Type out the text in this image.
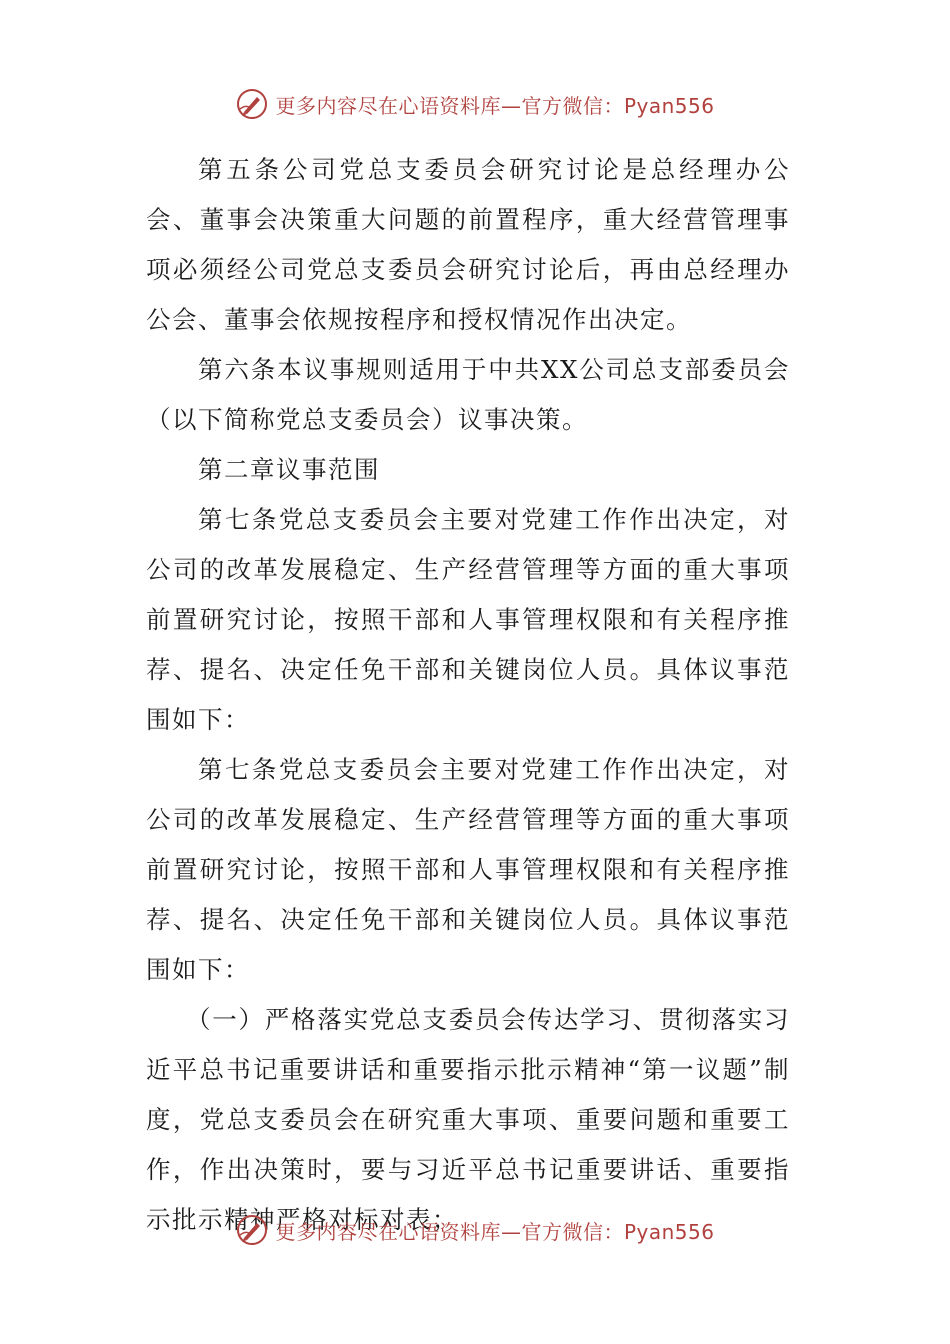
更多内容尽在心语资料库—官方微信：Pyan556

第五条公司党总支委员会研究讨论是总经理办公会、董事会决策重大问题的前置程序，重大经营管理事项必须经公司党总支委员会研究讨论后，再由总经理办公会、董事会依规按程序和授权情况作出决定。

第六条本议事规则适用于中共XX公司总支部委员会（以下简称党总支委员会）议事决策。

第二章议事范围

第七条党总支委员会主要对党建工作作出决定，对公司的改革发展稳定、生产经营管理等方面的重大事项前置研究讨论，按照干部和人事管理权限和有关程序推荐、提名、决定任免干部和关键岗位人员。具体议事范围如下：

第七条党总支委员会主要对党建工作作出决定，对公司的改革发展稳定、生产经营管理等方面的重大事项前置研究讨论，按照干部和人事管理权限和有关程序推荐、提名、决定任免干部和关键岗位人员。具体议事范围如下：

（一）严格落实党总支委员会传达学习、贯彻落实习近平总书记重要讲话和重要指示批示精神“第一议题”制度，党总支委员会在研究重大事项、重要问题和重要工作，作出决策时，要与习近平总书记重要讲话、重要指示批示精神严格对标对表；

更多内容尽在心语资料库—官方微信：Pyan556
